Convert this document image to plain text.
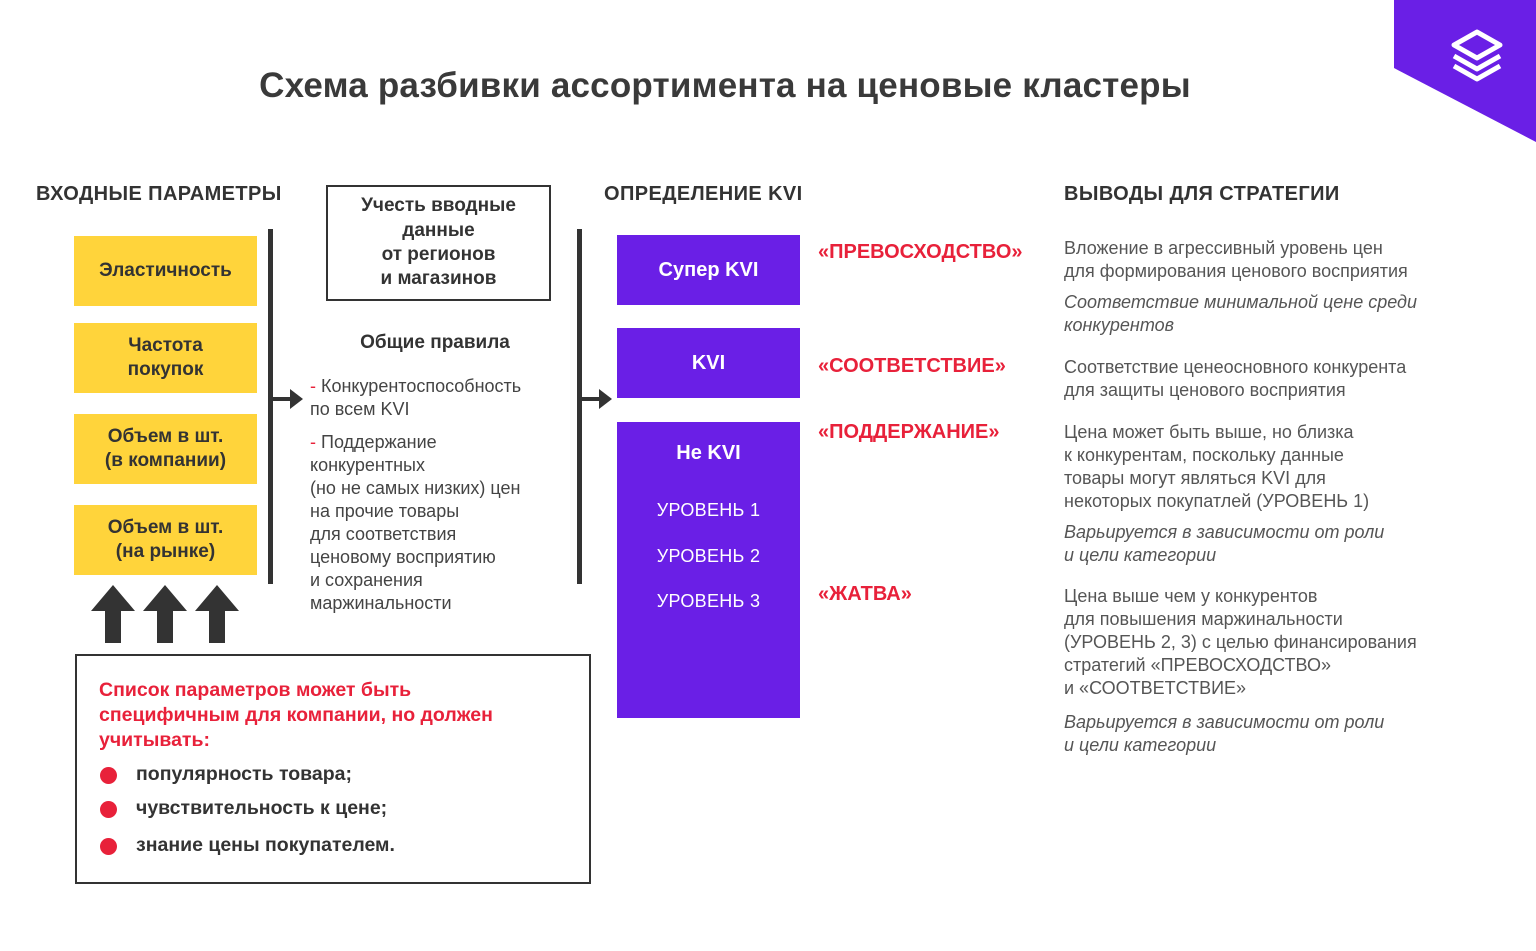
Схема разбивки ассортимента на ценовые кластеры
ВХОДНЫЕ ПАРАМЕТРЫ	ОПРЕДЕЛЕНИЕ KVI	ВЫВОДЫ ДЛЯ СТРАТЕГИИ
Эластичность
Частота
покупок
Объем в шт.
(в компании)
Объем в шт.
(на рынке)
Учесть вводные
данные
от регионов
и магазинов
Общие правила
- Конкурентоспособность
по всем KVI
- Поддержание
конкурентных
(но не самых низких) цен
на прочие товары
для соответствия
ценовому восприятию
и сохранения
маржинальности
Супер KVI
KVI
Не KVI
УРОВЕНЬ 1
УРОВЕНЬ 2
УРОВЕНЬ 3
«ПРЕВОСХОДСТВО»
«СООТВЕТСТВИЕ»
«ПОДДЕРЖАНИЕ»
«ЖАТВА»
Вложение в агрессивный уровень цен
для формирования ценового восприятия
Соответствие минимальной цене среди
конкурентов
Соответствие ценеосновного конкурента
для защиты ценового восприятия
Цена может быть выше, но близка
к конкурентам, поскольку данные
товары могут являться KVI для
некоторых покупатлей (УРОВЕНЬ 1)
Варьируется в зависимости от роли
и цели категории
Цена выше чем у конкурентов
для повышения маржинальности
(УРОВЕНЬ 2, 3) с целью финансирования
стратегий «ПРЕВОСХОДСТВО»
и «СООТВЕТСТВИЕ»
Варьируется в зависимости от роли
и цели категории
Список параметров может быть
специфичным для компании, но должен
учитывать:
популярность товара;
чувствительность к цене;
знание цены покупателем.
